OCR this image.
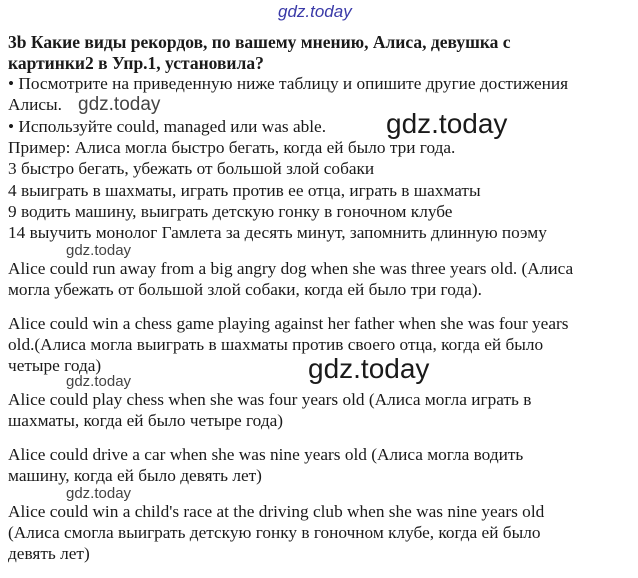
gdz.today
3b Какие виды рекордов, по вашему мнению, Алиса, девушка с
картинки2 в Упр.1, установила?
• Посмотрите на приведенную ниже таблицу и опишите другие достижения
Алисы. gdz.today
• Используйте could, managed или was able. gdz.today
Пример: Алиса могла быстро бегать, когда ей было три года.
3 быстро бегать, убежать от большой злой собаки
4 выиграть в шахматы, играть против ее отца, играть в шахматы
9 водить машину, выиграть детскую гонку в гоночном клубе
14 выучить монолог Гамлета за десять минут, запомнить длинную поэму
gdz.today
Alice could run away from a big angry dog when she was three years old. (Алиса
могла убежать от большой злой собаки, когда ей было три года).
Alice could win a chess game playing against her father when she was four years
old.(Алиса могла выиграть в шахматы против своего отца, когда ей было
четыре года)	gdz.today
gdz.today
Alice could play chess when she was four years old (Алиса могла играть в
шахматы, когда ей было четыре года)
Alice could drive a car when she was nine years old (Алиса могла водить
машину, когда ей было девять лет)
gdz.today
Alice could win a child's race at the driving club when she was nine years old
(Алиса смогла выиграть детскую гонку в гоночном клубе, когда ей было
девять лет)
